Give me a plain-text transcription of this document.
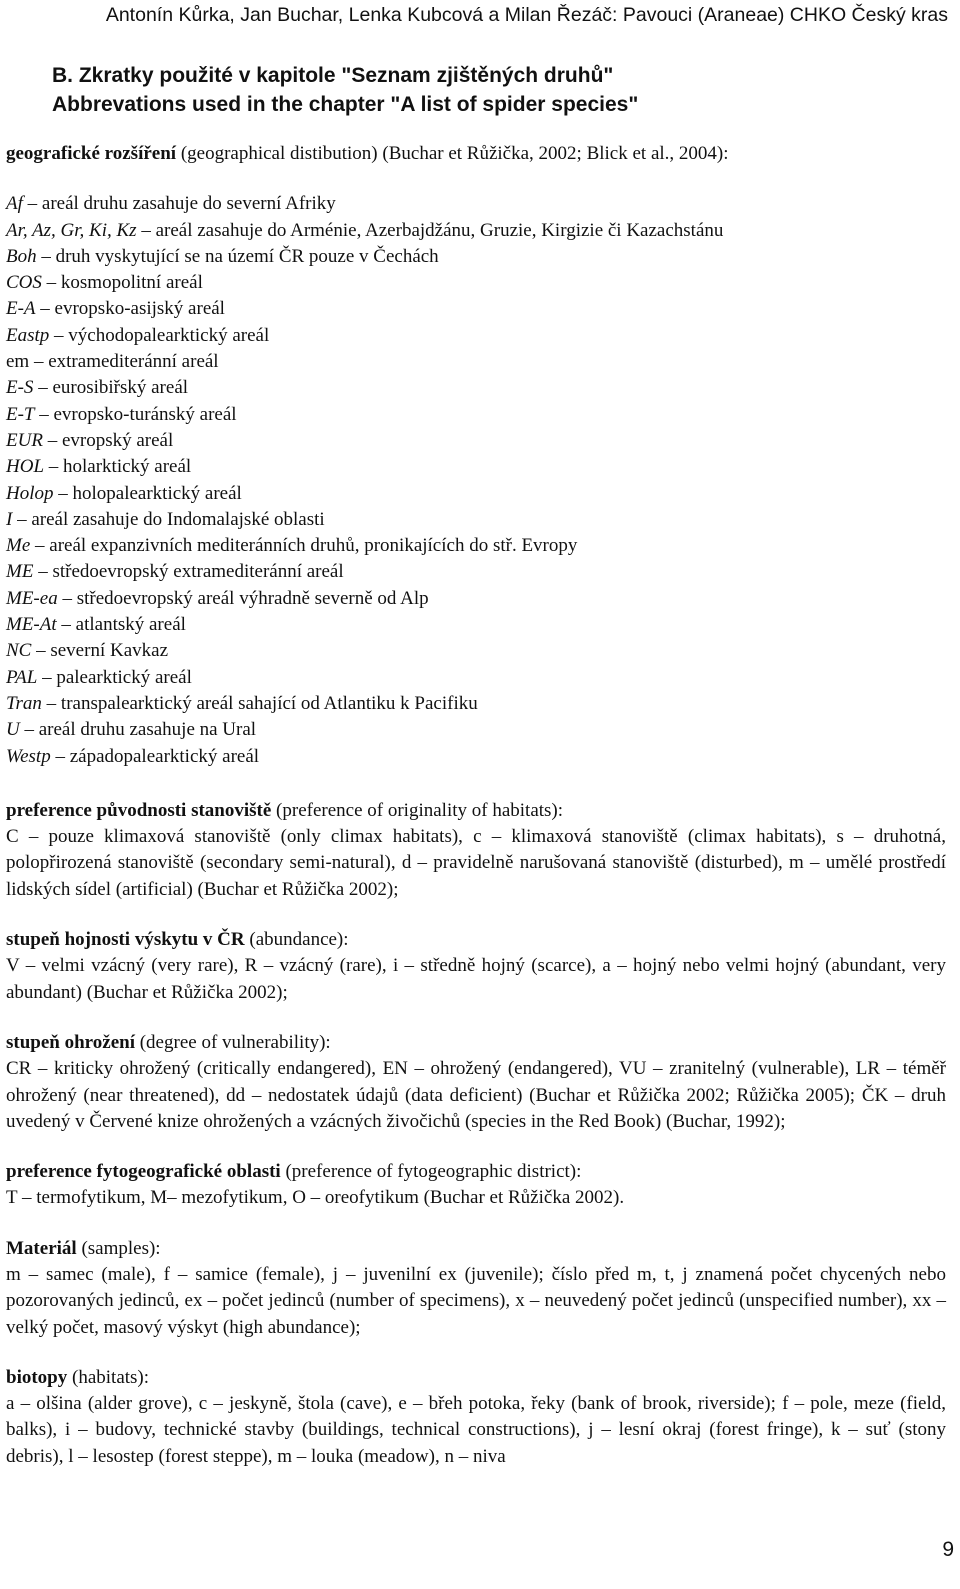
Antonín Kůrka, Jan Buchar, Lenka Kubcová a Milan Řezáč: Pavouci (Araneae) CHKO Český kras
B. Zkratky použité v kapitole "Seznam zjištěných druhů"
Abbrevations used in the chapter "A list of spider species"

geografické rozšíření (geographical distibution) (Buchar et Růžička, 2002; Blick et al., 2004):

Af – areál druhu zasahuje do severní Afriky
Ar, Az, Gr, Ki, Kz – areál zasahuje do Arménie, Azerbajdžánu, Gruzie, Kirgizie či Kazachstánu
Boh – druh vyskytující se na území ČR pouze v Čechách
COS – kosmopolitní areál
E-A – evropsko-asijský areál
Eastp – východopalearktický areál
em – extramediteránní areál
E-S – eurosibiřský areál
E-T – evropsko-turánský areál
EUR – evropský areál
HOL – holarktický areál
Holop – holopalearktický areál
I – areál zasahuje do Indomalajské oblasti
Me – areál expanzivních mediteránních druhů, pronikajících do stř. Evropy
ME – středoevropský extramediteránní areál
ME-ea – středoevropský areál výhradně severně od Alp
ME-At – atlantský areál
NC – severní Kavkaz
PAL – palearktický areál
Tran – transpalearktický areál sahající od Atlantiku k Pacifiku
U – areál druhu zasahuje na Ural
Westp – západopalearktický areál

preference původnosti stanoviště (preference of originality of habitats):

C – pouze klimaxová stanoviště (only climax habitats), c – klimaxová stanoviště (climax habitats), s – druhotná, polopřirozená stanoviště (secondary semi-natural), d – pravidelně narušovaná stanoviště (disturbed), m – umělé prostředí lidských sídel (artificial) (Buchar et Růžička 2002);

stupeň hojnosti výskytu v ČR (abundance):

V – velmi vzácný (very rare), R – vzácný (rare), i – středně hojný (scarce), a – hojný nebo velmi hojný (abundant, very abundant) (Buchar et Růžička 2002);

stupeň ohrožení (degree of vulnerability):

CR – kriticky ohrožený (critically endangered), EN – ohrožený (endangered), VU – zranitelný (vulnerable), LR – téměř ohrožený (near threatened), dd – nedostatek údajů (data deficient) (Buchar et Růžička 2002; Růžička 2005); ČK – druh uvedený v Červené knize ohrožených a vzácných živočichů (species in the Red Book) (Buchar, 1992);

preference fytogeografické oblasti (preference of fytogeographic district):

T – termofytikum, M– mezofytikum, O – oreofytikum (Buchar et Růžička 2002).

Materiál (samples):

m – samec (male), f – samice (female), j – juvenilní ex (juvenile); číslo před m, t, j znamená počet chycených nebo pozorovaných jedinců, ex – počet jedinců (number of specimens), x – neuvedený počet jedinců (unspecified number), xx – velký počet, masový výskyt (high abundance);

biotopy (habitats):

a – olšina (alder grove), c – jeskyně, štola (cave), e – břeh potoka, řeky (bank of brook, riverside); f – pole, meze (field, balks), i – budovy, technické stavby (buildings, technical constructions), j – lesní okraj (forest fringe), k – suť (stony debris), l – lesostep (forest steppe), m – louka (meadow), n – niva

9
